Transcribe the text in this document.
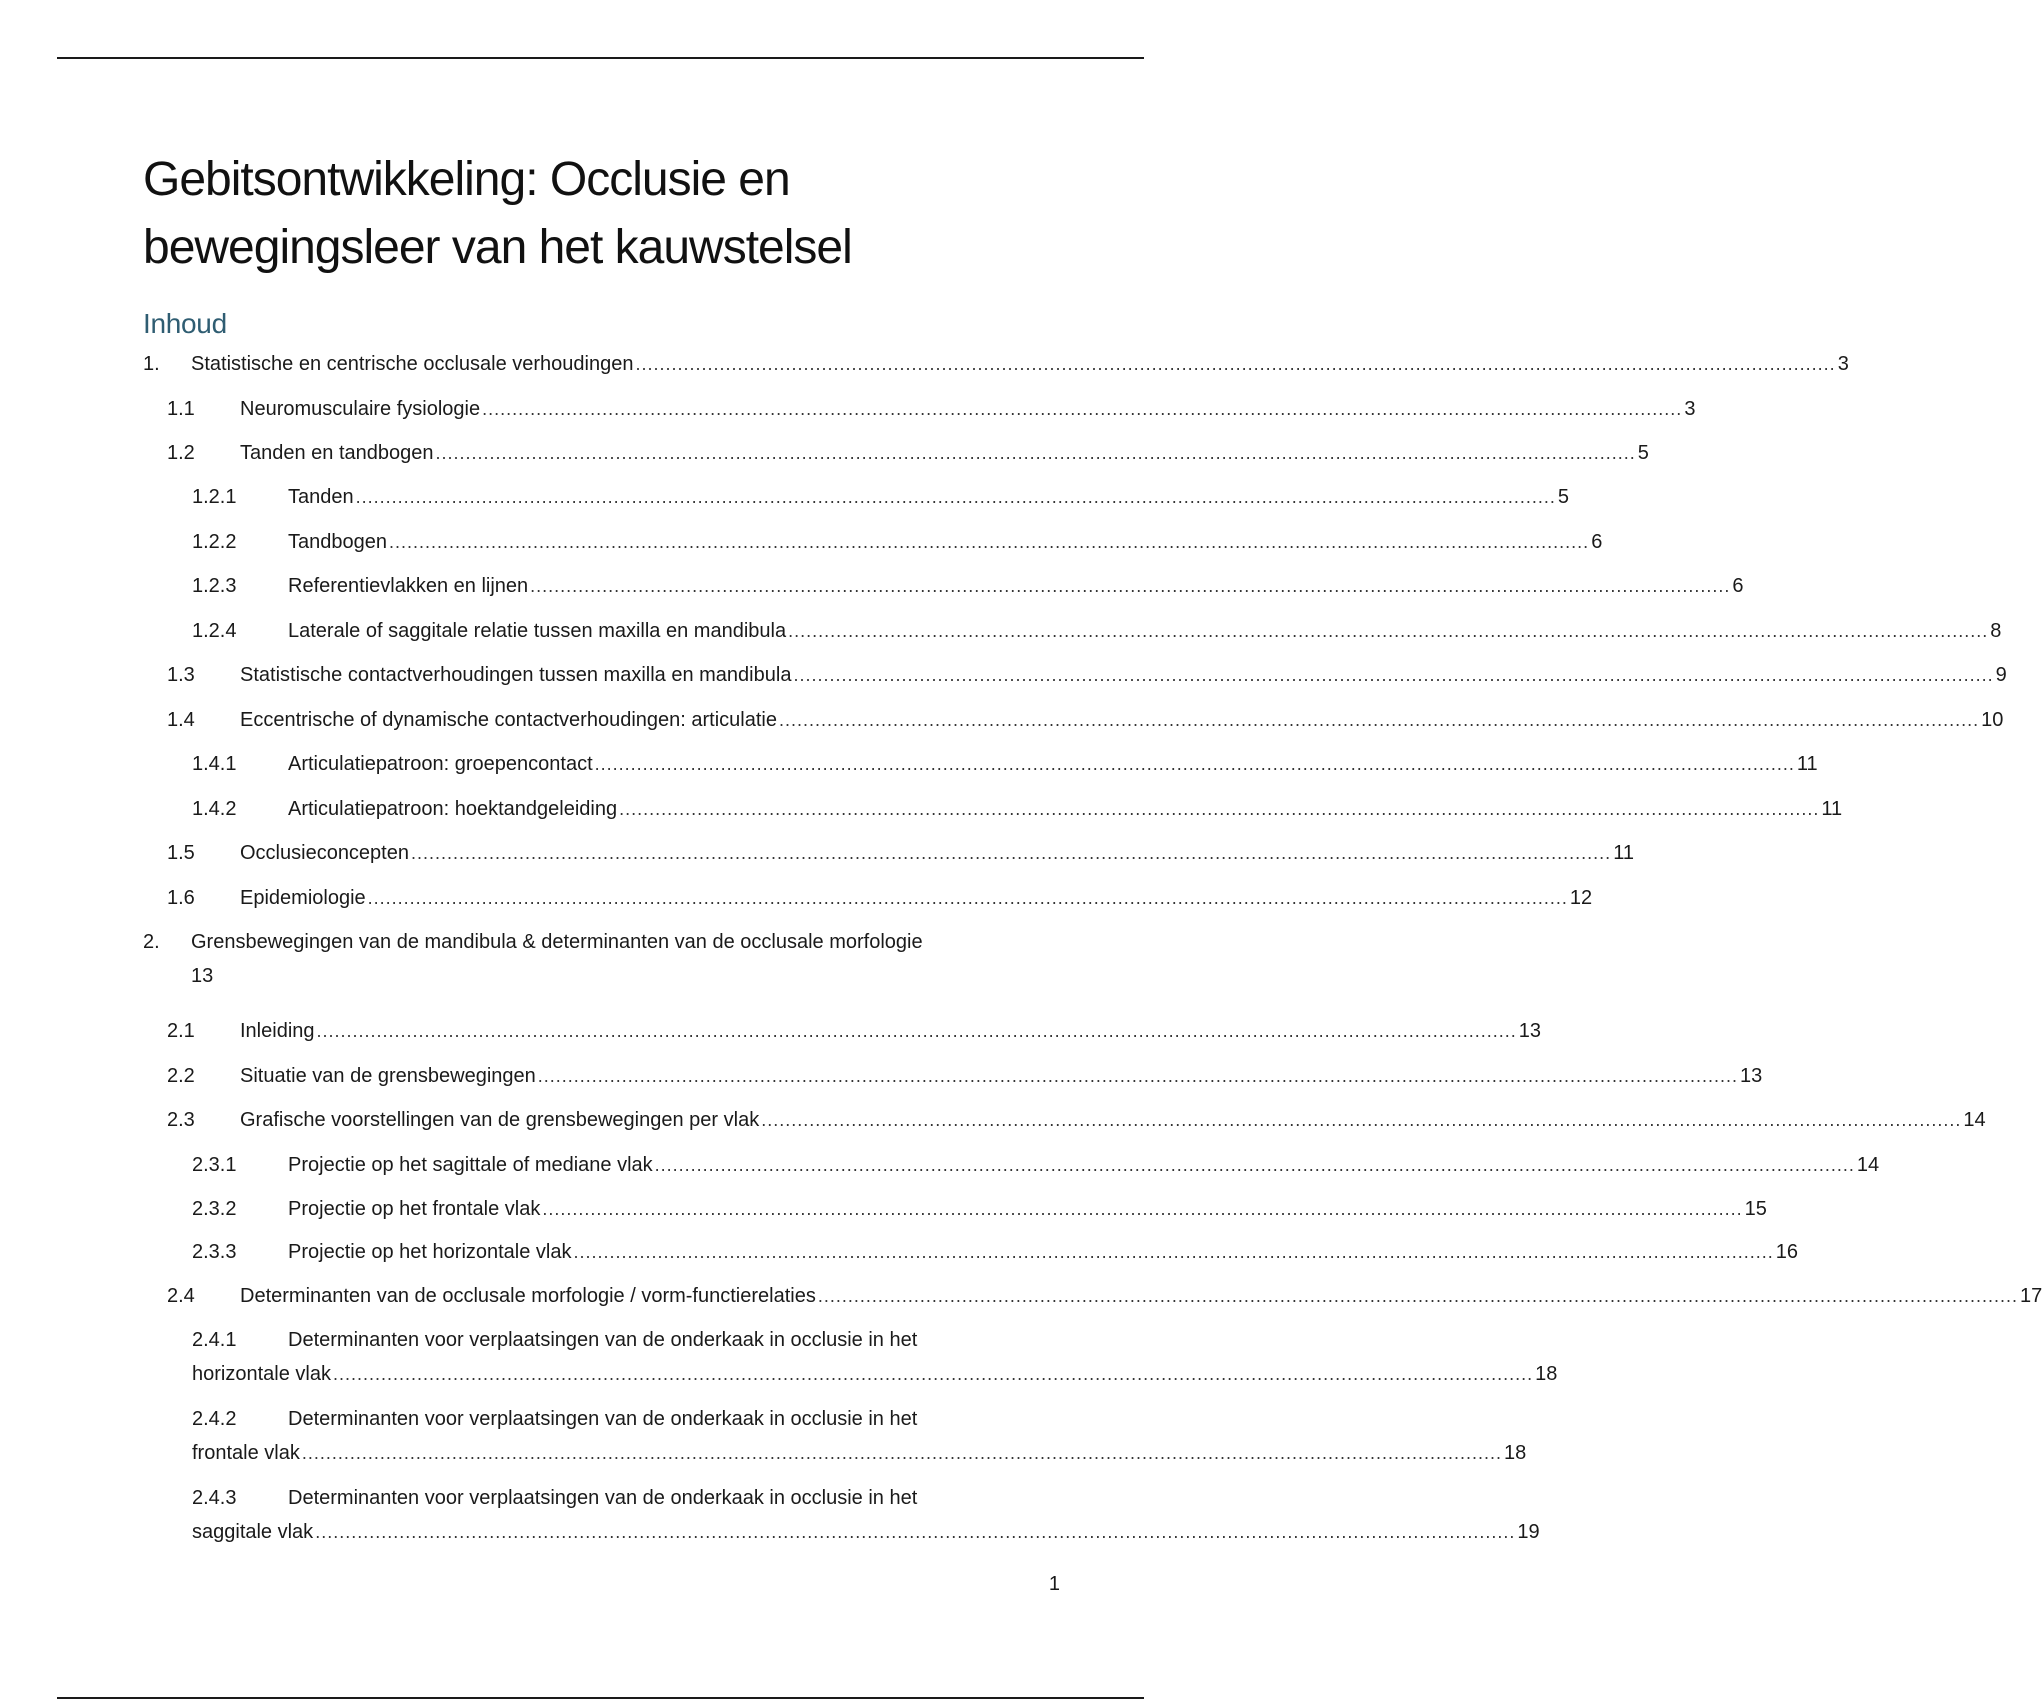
Gebitsontwikkeling: Occlusie en
bewegingsleer van het kauwstelsel
Inhoud
1.	Statistische en centrische occlusale verhoudingen ........................................................................................................................................................................................................ 3
1.1	Neuromusculaire fysiologie ........................................................................................................................................................................................................ 3
1.2	Tanden en tandbogen ........................................................................................................................................................................................................ 5
1.2.1	Tanden ........................................................................................................................................................................................................ 5
1.2.2	Tandbogen ........................................................................................................................................................................................................ 6
1.2.3	Referentievlakken en lijnen ........................................................................................................................................................................................................ 6
1.2.4	Laterale of saggitale relatie tussen maxilla en mandibula ........................................................................................................................................................................................................ 8
1.3	Statistische contactverhoudingen tussen maxilla en mandibula ........................................................................................................................................................................................................ 9
1.4	Eccentrische of dynamische contactverhoudingen: articulatie ........................................................................................................................................................................................................ 10
1.4.1	Articulatiepatroon: groepencontact ........................................................................................................................................................................................................ 11
1.4.2	Articulatiepatroon: hoektandgeleiding ........................................................................................................................................................................................................ 11
1.5	Occlusieconcepten ........................................................................................................................................................................................................ 11
1.6	Epidemiologie ........................................................................................................................................................................................................ 12
2. Grensbewegingen van de mandibula & determinanten van de occlusale morfologie
13
2.1	Inleiding ........................................................................................................................................................................................................ 13
2.2	Situatie van de grensbewegingen ........................................................................................................................................................................................................ 13
2.3	Grafische voorstellingen van de grensbewegingen per vlak ........................................................................................................................................................................................................ 14
2.3.1	Projectie op het sagittale of mediane vlak ........................................................................................................................................................................................................ 14
2.3.2	Projectie op het frontale vlak ........................................................................................................................................................................................................ 15
2.3.3	Projectie op het horizontale vlak ........................................................................................................................................................................................................ 16
2.4	Determinanten van de occlusale morfologie / vorm-functierelaties ........................................................................................................................................................................................................ 17
2.4.1	Determinanten voor verplaatsingen van de onderkaak in occlusie in het
horizontale vlak ........................................................................................................................................................................................................ 18
2.4.2	Determinanten voor verplaatsingen van de onderkaak in occlusie in het
frontale vlak ........................................................................................................................................................................................................ 18
2.4.3	Determinanten voor verplaatsingen van de onderkaak in occlusie in het
saggitale vlak ........................................................................................................................................................................................................ 19
1
